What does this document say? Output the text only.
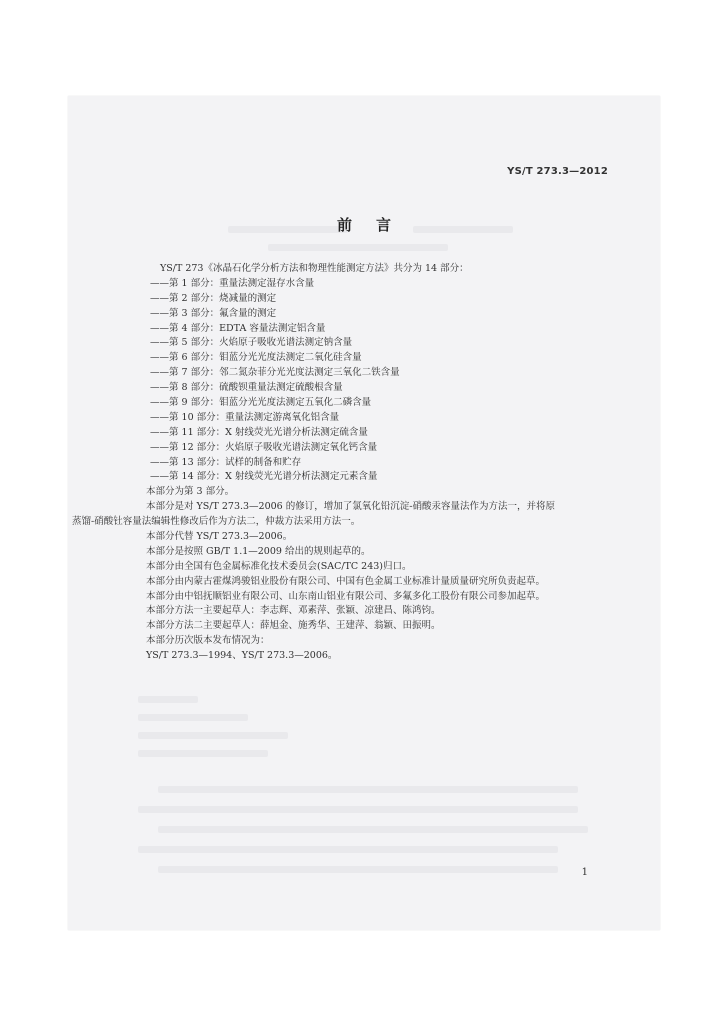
YS/T 273.3—2012
前 言
YS/T 273《冰晶石化学分析方法和物理性能测定方法》共分为 14 部分：
——第 1 部分：重量法测定湿存水含量
——第 2 部分：烧减量的测定
——第 3 部分：氟含量的测定
——第 4 部分：EDTA 容量法测定铝含量
——第 5 部分：火焰原子吸收光谱法测定钠含量
——第 6 部分：钼蓝分光光度法测定二氧化硅含量
——第 7 部分：邻二氮杂菲分光光度法测定三氧化二铁含量
——第 8 部分：硫酸钡重量法测定硫酸根含量
——第 9 部分：钼蓝分光光度法测定五氧化二磷含量
——第 10 部分：重量法测定游离氧化铝含量
——第 11 部分：X 射线荧光光谱分析法测定硫含量
——第 12 部分：火焰原子吸收光谱法测定氧化钙含量
——第 13 部分：试样的制备和贮存
——第 14 部分：X 射线荧光光谱分析法测定元素含量
本部分为第 3 部分。
本部分是对 YS/T 273.3—2006 的修订，增加了氯氧化铅沉淀-硝酸汞容量法作为方法一，并将原
蒸馏-硝酸钍容量法编辑性修改后作为方法二，仲裁方法采用方法一。
本部分代替 YS/T 273.3—2006。
本部分是按照 GB/T 1.1—2009 给出的规则起草的。
本部分由全国有色金属标准化技术委员会(SAC/TC 243)归口。
本部分由内蒙古霍煤鸿骏铝业股份有限公司、中国有色金属工业标准计量质量研究所负责起草。
本部分由中铝抚顺铝业有限公司、山东南山铝业有限公司、多氟多化工股份有限公司参加起草。
本部分方法一主要起草人：李志辉、邓素萍、张颖、凉建昌、陈鸿钧。
本部分方法二主要起草人：薛旭金、施秀华、王建萍、翁颖、田振明。
本部分历次版本发布情况为：
YS/T 273.3—1994、YS/T 273.3—2006。
1
